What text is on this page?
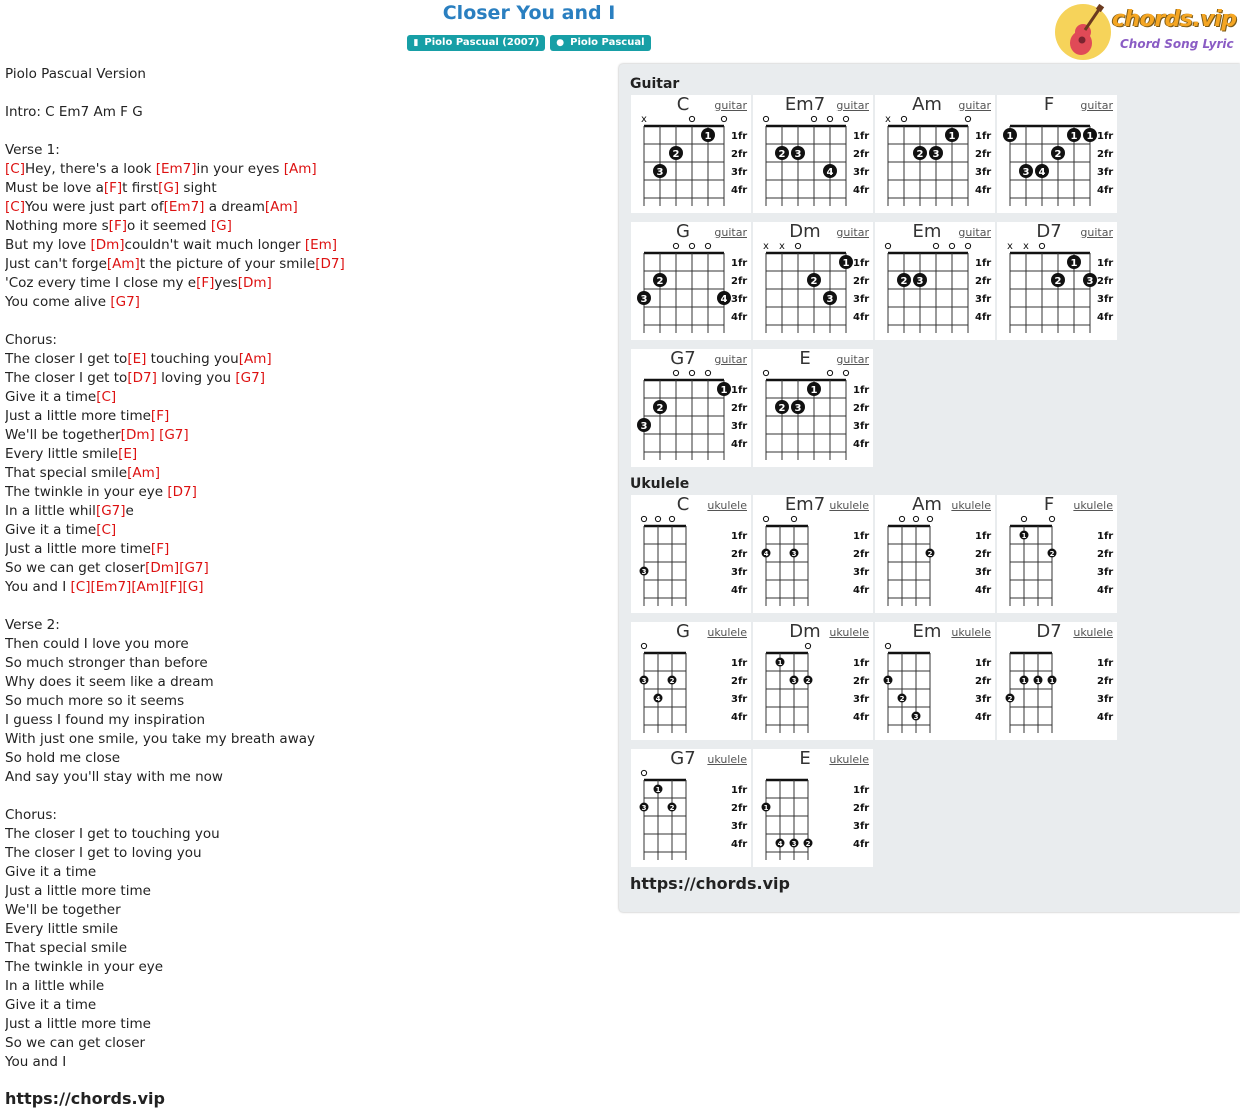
Closer You and I
▮ Piolo Pascual (2007)	● Piolo Pascual
chords.vip
Chord Song Lyric
Piolo Pascual Version
Intro: C Em7 Am F G
Verse 1:
[C]Hey, there's a look [Em7]in your eyes [Am]
Must be love a[F]t first[G] sight
[C]You were just part of[Em7] a dream[Am]
Nothing more s[F]o it seemed [G]
But my love [Dm]couldn't wait much longer [Em]
Just can't forge[Am]t the picture of your smile[D7]
'Coz every time I close my e[F]yes[Dm]
You come alive [G7]
Chorus:
The closer I get to[E] touching you[Am]
The closer I get to[D7] loving you [G7]
Give it a time[C]
Just a little more time[F]
We'll be together[Dm] [G7]
Every little smile[E]
That special smile[Am]
The twinkle in your eye [D7]
In a little whil[G7]e
Give it a time[C]
Just a little more time[F]
So we can get closer[Dm][G7]
You and I [C][Em7][Am][F][G]
Verse 2:
Then could I love you more
So much stronger than before
Why does it seem like a dream
So much more so it seems
I guess I found my inspiration
With just one smile, you take my breath away
So hold me close
And say you'll stay with me now
Chorus:
The closer I get to touching you
The closer I get to loving you
Give it a time
Just a little more time
We'll be together
Every little smile
That special smile
The twinkle in your eye
In a little while
Give it a time
Just a little more time
So we can get closer
You and I
Guitar
C	guitar
1fr
2fr
3fr
4fr
x
1
2
3
Em7	guitar
1fr
2fr
3fr
4fr
2 3
4
Am	guitar
1fr
2fr
3fr
4fr
x
1
2 3
F	guitar
1fr
2fr
3fr
4fr
1	1 1
2
3 4
G	guitar
1fr
2fr
3fr
4fr
2
3	4
Dm	guitar
1fr
2fr
3fr
4fr
x x
1
2
3
Em	guitar
1fr
2fr
3fr
4fr
2 3
D7	guitar
1fr
2fr
3fr
4fr
x x
1
2	3
G7	guitar
1fr
2fr
3fr
4fr
1
2
3
E	guitar
1fr
2fr
3fr
4fr
1
2 3
Ukulele
C	ukulele
1fr
2fr
3fr
4fr
3
Em7 ukulele
1fr
2fr
3fr
4fr
3
4
Am ukulele
1fr
2fr
3fr
4fr
2
F	ukulele
1fr
2fr
3fr
4fr
2
1
G	ukulele
1fr
2fr
3fr
4fr
2
3
4
Dm ukulele
1fr
2fr
3fr
4fr
2
3
1
Em ukulele
1fr
2fr
3fr
4fr
3
2
1
D7	ukulele
1fr
2fr
3fr
4fr
1
1
1
2
G7	ukulele
1fr
2fr
3fr
4fr
2
1
3
E	ukulele
1fr
2fr
3fr
4fr
2
3
4
1
https://chords.vip
https://chords.vip
